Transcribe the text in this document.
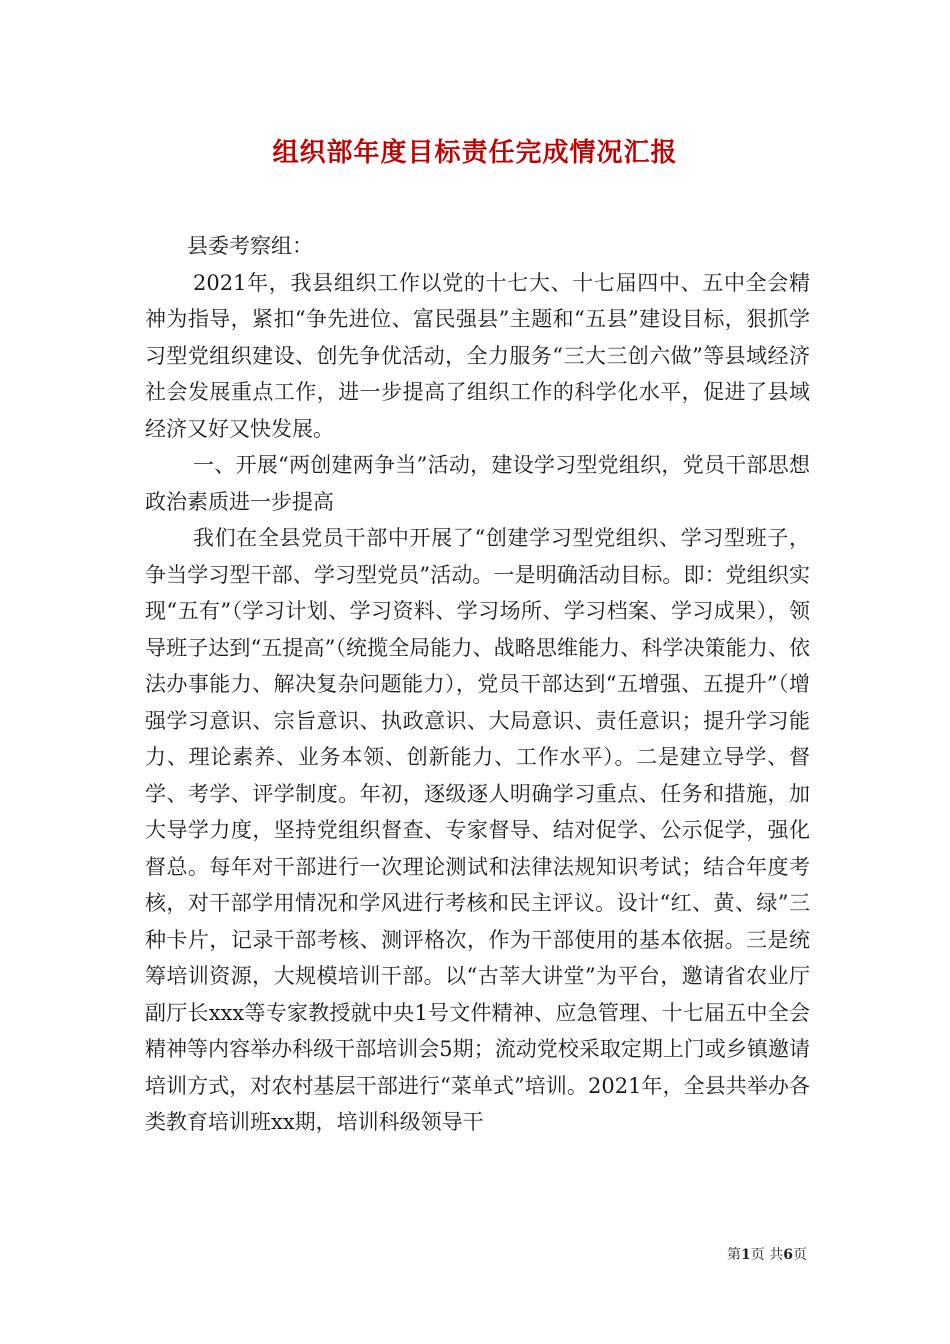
组织部年度目标责任完成情况汇报

县委考察组：

2021年，我县组织工作以党的十七大、十七届四中、五中全会精神为指导，紧扣“争先进位、富民强县”主题和“五县”建设目标，狠抓学习型党组织建设、创先争优活动，全力服务“三大三创六做”等县域经济社会发展重点工作，进一步提高了组织工作的科学化水平，促进了县域经济又好又快发展。

一、开展“两创建两争当”活动，建设学习型党组织，党员干部思想政治素质进一步提高

我们在全县党员干部中开展了“创建学习型党组织、学习型班子，争当学习型干部、学习型党员”活动。一是明确活动目标。即：党组织实现“五有”（学习计划、学习资料、学习场所、学习档案、学习成果），领导班子达到“五提高”（统揽全局能力、战略思维能力、科学决策能力、依法办事能力、解决复杂问题能力），党员干部达到“五增强、五提升”（增强学习意识、宗旨意识、执政意识、大局意识、责任意识；提升学习能力、理论素养、业务本领、创新能力、工作水平）。二是建立导学、督学、考学、评学制度。年初，逐级逐人明确学习重点、任务和措施，加大导学力度，坚持党组织督查、专家督导、结对促学、公示促学，强化督总。每年对干部进行一次理论测试和法律法规知识考试；结合年度考核，对干部学用情况和学风进行考核和民主评议。设计“红、黄、绿”三种卡片，记录干部考核、测评格次，作为干部使用的基本依据。三是统筹培训资源，大规模培训干部。以“古莘大讲堂”为平台，邀请省农业厅副厅长xxx等专家教授就中央1号文件精神、应急管理、十七届五中全会精神等内容举办科级干部培训会5期；流动党校采取定期上门或乡镇邀请培训方式，对农村基层干部进行“菜单式”培训。2021年，全县共举办各类教育培训班xx期，培训科级领导干

第1页 共6页
